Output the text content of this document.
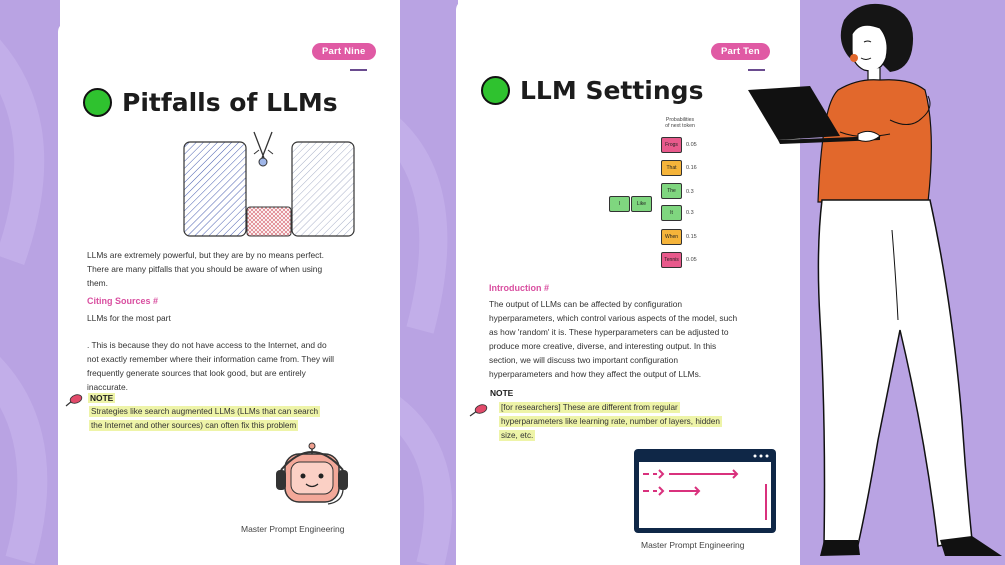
Part Nine
Pitfalls of LLMs
LLMs are extremely powerful, but they are by no means perfect.
There are many pitfalls that you should be aware of when using
them.
Citing Sources #
LLMs for the most part
. This is because they do not have access to the Internet, and do
not exactly remember where their information came from. They will
frequently generate sources that look good, but are entirely
inaccurate.
NOTE
Strategies like search augmented LLMs (LLMs that can search
the Internet and other sources) can often fix this problem
Master Prompt Engineering
Part Ten
LLM Settings
Probabilities
of next token
I	Like
Frogs	0.05
That	0.16
The	0.3
It	0.3
When	0.15
Tennis	0.05
Introduction #
The output of LLMs can be affected by configuration
hyperparameters, which control various aspects of the model, such
as how 'random' it is. These hyperparameters can be adjusted to
produce more creative, diverse, and interesting output. In this
section, we will discuss two important configuration
hyperparameters and how they affect the output of LLMs.
NOTE
[for researchers] These are different from regular
hyperparameters like learning rate, number of layers, hidden
size, etc.
Master Prompt Engineering
